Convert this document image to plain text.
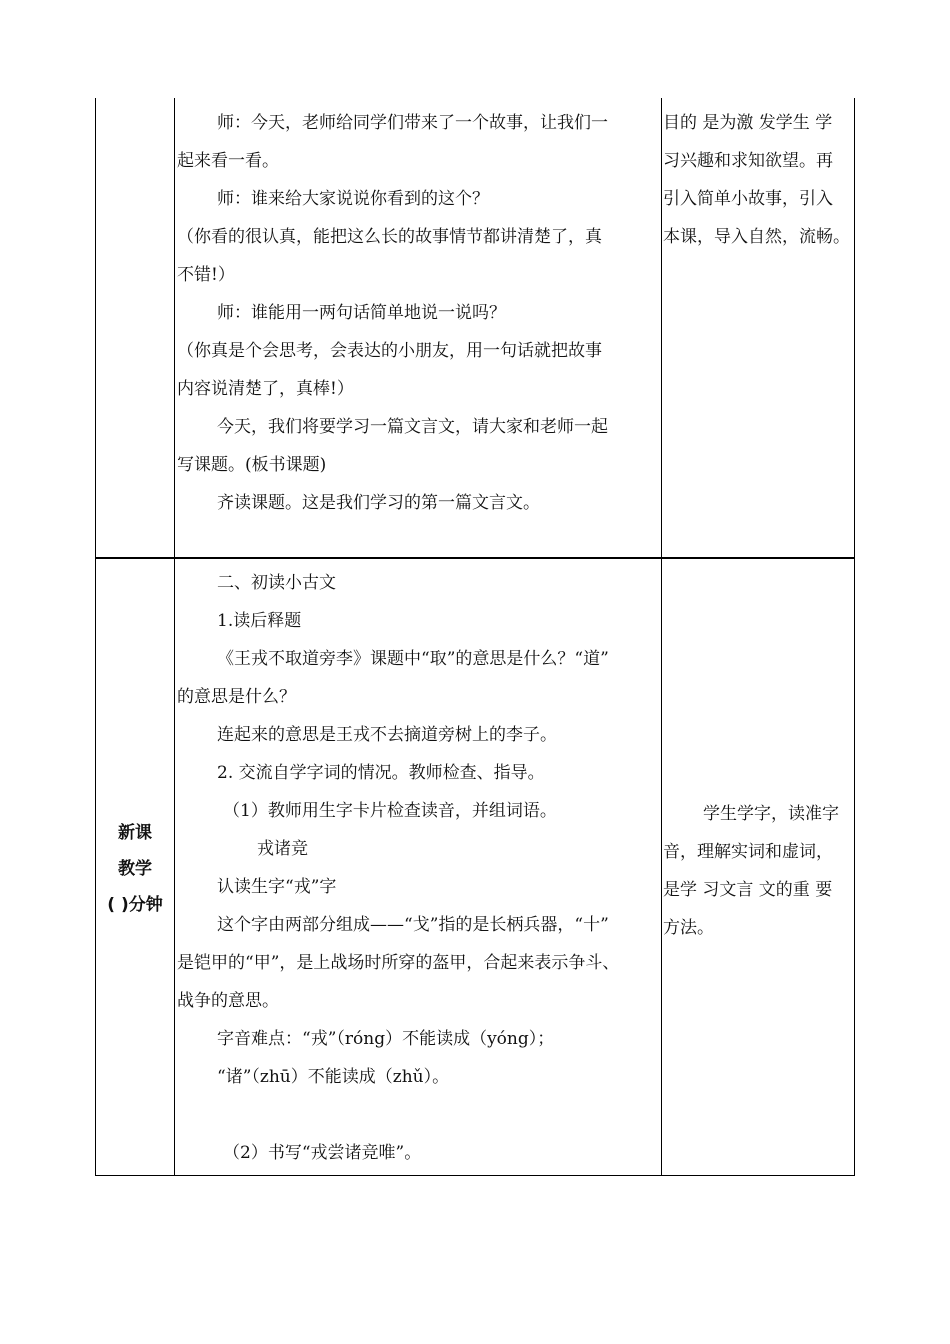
师：今天，老师给同学们带来了一个故事，让我们一
起来看一看。
师：谁来给大家说说你看到的这个？
（你看的很认真，能把这么长的故事情节都讲清楚了，真
不错!）
师：谁能用一两句话简单地说一说吗？
（你真是个会思考，会表达的小朋友，用一句话就把故事
内容说清楚了，真棒!）
今天，我们将要学习一篇文言文，请大家和老师一起
写课题。(板书课题)
齐读课题。这是我们学习的第一篇文言文。
目的 是为激 发学生 学
习兴趣和求知欲望。再
引入简单小故事，引入
本课，导入自然，流畅。
新课
教学
( )分钟
二、初读小古文
1.读后释题
《王戎不取道旁李》课题中“取”的意思是什么？“道”
的意思是什么？
连起来的意思是王戎不去摘道旁树上的李子。
2. 交流自学字词的情况。教师检查、指导。
（1）教师用生字卡片检查读音，并组词语。
戎诸竞
认读生字“戎”字
这个字由两部分组成——“戈”指的是长柄兵器，“十”
是铠甲的“甲”，是上战场时所穿的盔甲，合起来表示争斗、
战争的意思。
字音难点：“戎”（róng）不能读成（yóng）；
“诸”（zhū）不能读成（zhǔ）。
（2）书写“戎尝诸竞唯”。
学生学字，读准字
音，理解实词和虚词，
是学 习文言 文的重 要
方法。
